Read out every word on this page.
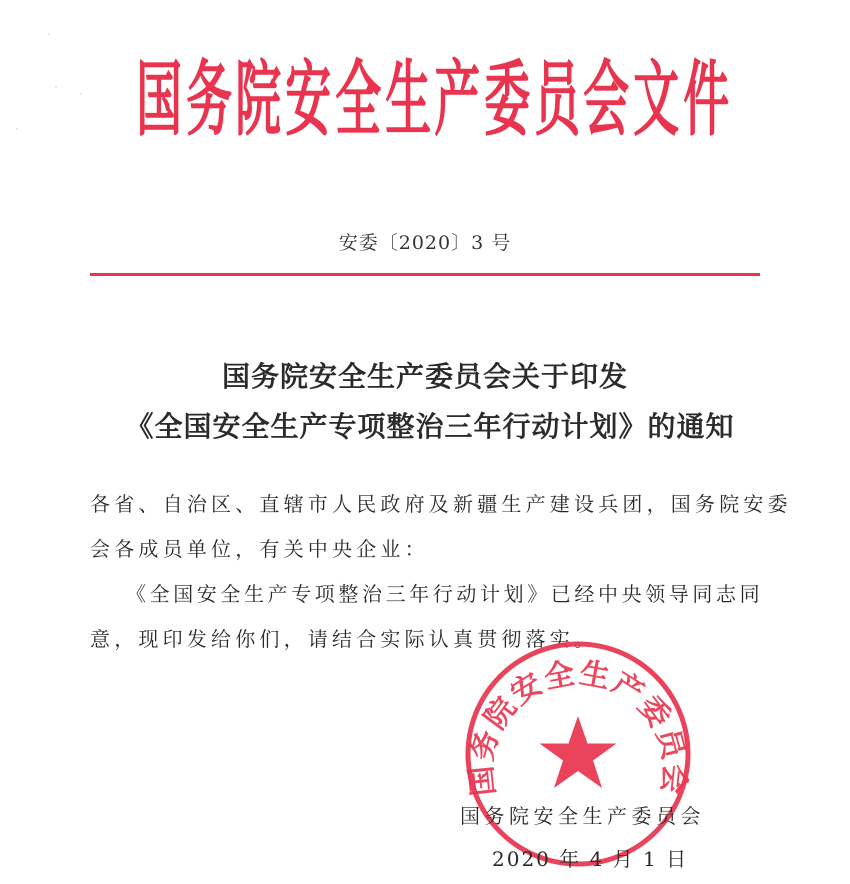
国 务 院 安 全 生 产 委 员 会 文 件
安委〔2020〕3 号
国务院安全生产委员会关于印发
《全国安全生产专项整治三年行动计划》的通知
各省、自治区、直辖市人民政府及新疆生产建设兵团，国务院安委
会各成员单位，有关中央企业：
《全国安全生产专项整治三年行动计划》已经中央领导同志同
意，现印发给你们，请结合实际认真贯彻落实。
国务院安全生产委员会
国务院安全生产委员会
2020 年 4 月 1 日
